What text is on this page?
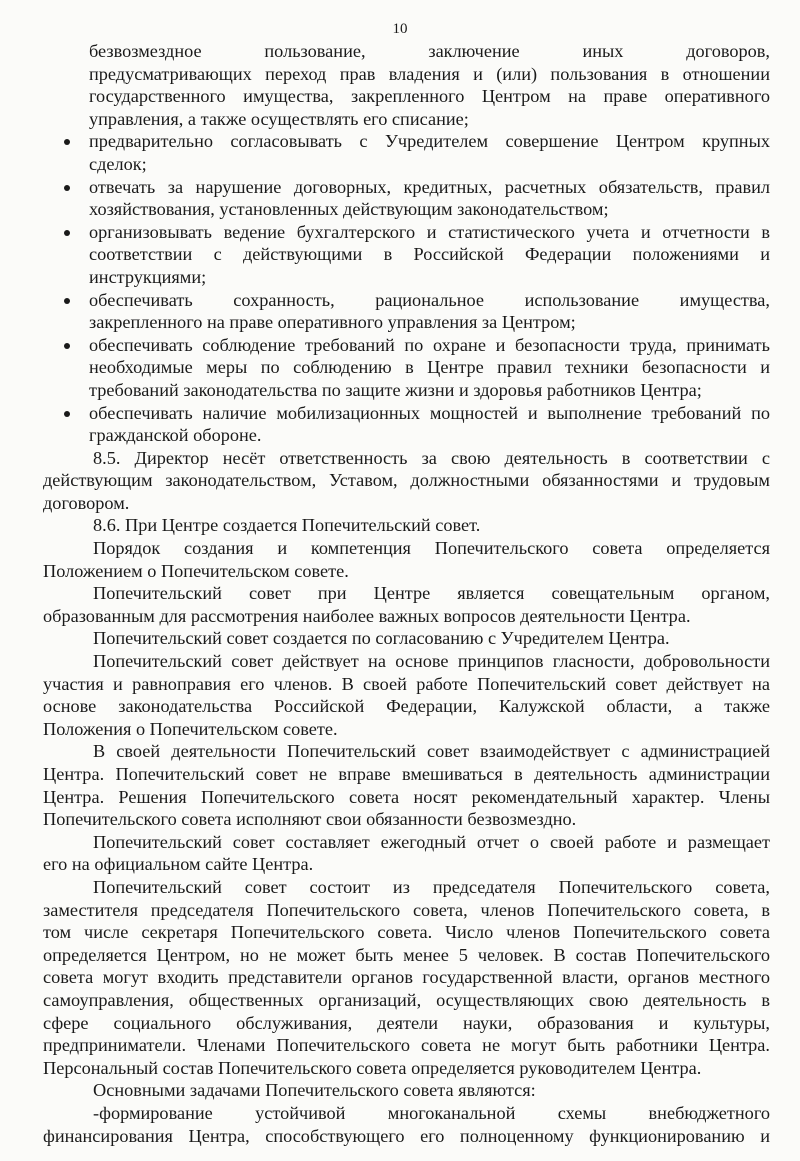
10
безвозмездное	пользование,	заключение	иных	договоров,
предусматривающих переход прав владения и (или) пользования в отношении
государственного имущества, закрепленного Центром на праве оперативного
управления, а также осуществлять его списание;
предварительно согласовывать с Учредителем совершение Центром крупных
сделок;
отвечать за нарушение договорных, кредитных, расчетных обязательств, правил
хозяйствования, установленных действующим законодательством;
организовывать ведение бухгалтерского и статистического учета и отчетности в
соответствии с действующими в Российской Федерации положениями и
инструкциями;
обеспечивать сохранность, рациональное использование имущества,
закрепленного на праве оперативного управления за Центром;
обеспечивать соблюдение требований по охране и безопасности труда, принимать
необходимые меры по соблюдению в Центре правил техники безопасности и
требований законодательства по защите жизни и здоровья работников Центра;
обеспечивать наличие мобилизационных мощностей и выполнение требований по
гражданской обороне.
8.5. Директор несёт ответственность за свою деятельность в соответствии с
действующим законодательством, Уставом, должностными обязанностями и трудовым
договором.
8.6. При Центре создается Попечительский совет.
Порядок создания и компетенция Попечительского совета определяется
Положением о Попечительском совете.
Попечительский совет при Центре является совещательным органом,
образованным для рассмотрения наиболее важных вопросов деятельности Центра.
Попечительский совет создается по согласованию с Учредителем Центра.
Попечительский совет действует на основе принципов гласности, добровольности
участия и равноправия его членов. В своей работе Попечительский совет действует на
основе законодательства Российской Федерации, Калужской области, а также
Положения о Попечительском совете.
В своей деятельности Попечительский совет взаимодействует с администрацией
Центра. Попечительский совет не вправе вмешиваться в деятельность администрации
Центра. Решения Попечительского совета носят рекомендательный характер. Члены
Попечительского совета исполняют свои обязанности безвозмездно.
Попечительский совет составляет ежегодный отчет о своей работе и размещает
его на официальном сайте Центра.
Попечительский совет состоит из председателя Попечительского совета,
заместителя председателя Попечительского совета, членов Попечительского совета, в
том числе секретаря Попечительского совета. Число членов Попечительского совета
определяется Центром, но не может быть менее 5 человек. В состав Попечительского
совета могут входить представители органов государственной власти, органов местного
самоуправления, общественных организаций, осуществляющих свою деятельность в
сфере социального обслуживания, деятели науки, образования и культуры,
предприниматели. Членами Попечительского совета не могут быть работники Центра.
Персональный состав Попечительского совета определяется руководителем Центра.
Основными задачами Попечительского совета являются:
-формирование устойчивой многоканальной схемы внебюджетного
финансирования Центра, способствующего его полноценному функционированию и
